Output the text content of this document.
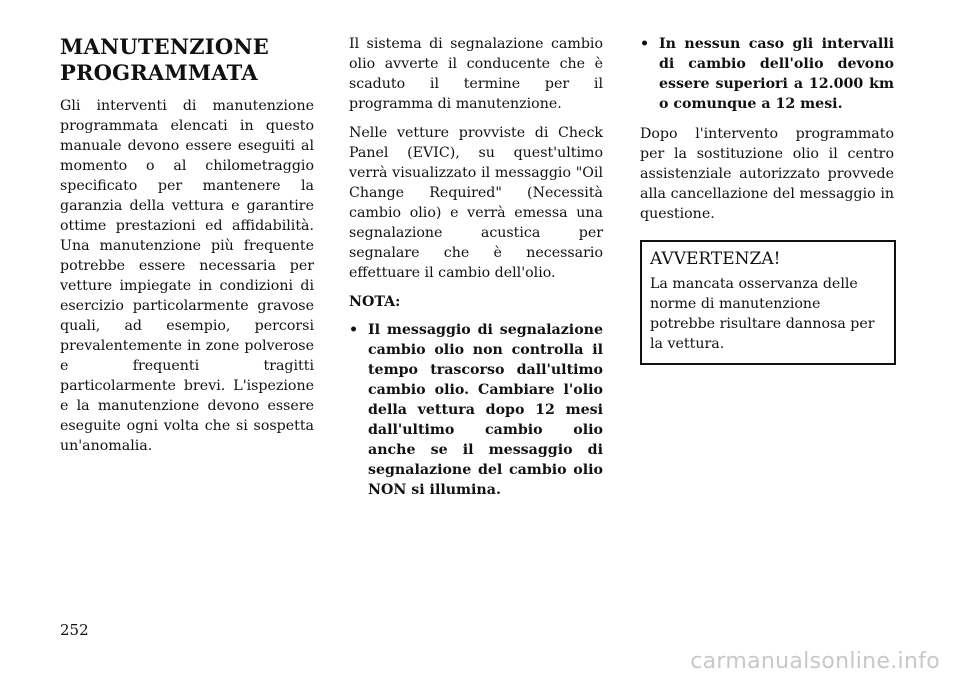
MANUTENZIONE
PROGRAMMATA

Gli interventi di manutenzione programmata elencati in questo manuale devono essere eseguiti al momento o al chilometraggio specificato per mantenere la garanzia della vettura e garantire ottime prestazioni ed affidabilità. Una manutenzione più frequente potrebbe essere necessaria per vetture impiegate in condizioni di esercizio particolarmente gravose quali, ad esempio, percorsi prevalentemente in zone polverose e frequenti tragitti particolarmente brevi. L'ispezione e la manutenzione devono essere eseguite ogni volta che si sospetta un'anomalia.

Il sistema di segnalazione cambio olio avverte il conducente che è scaduto il termine per il programma di manutenzione.

Nelle vetture provviste di Check Panel (EVIC), su quest'ultimo verrà visualizzato il messaggio "Oil Change Required" (Necessità cambio olio) e verrà emessa una segnalazione acustica per segnalare che è necessario effettuare il cambio dell'olio.

NOTA:

• Il messaggio di segnalazione cambio olio non controlla il tempo trascorso dall'ultimo cambio olio. Cambiare l'olio della vettura dopo 12 mesi dall'ultimo cambio olio anche se il messaggio di segnalazione del cambio olio NON si illumina.
• In nessun caso gli intervalli di cambio dell'olio devono essere superiori a 12.000 km o comunque a 12 mesi.

Dopo l'intervento programmato per la sostituzione olio il centro assistenziale autorizzato provvede alla cancellazione del messaggio in questione.

AVVERTENZA!

La mancata osservanza delle norme di manutenzione potrebbe risultare dannosa per la vettura.

252
carmanualsonline.info
